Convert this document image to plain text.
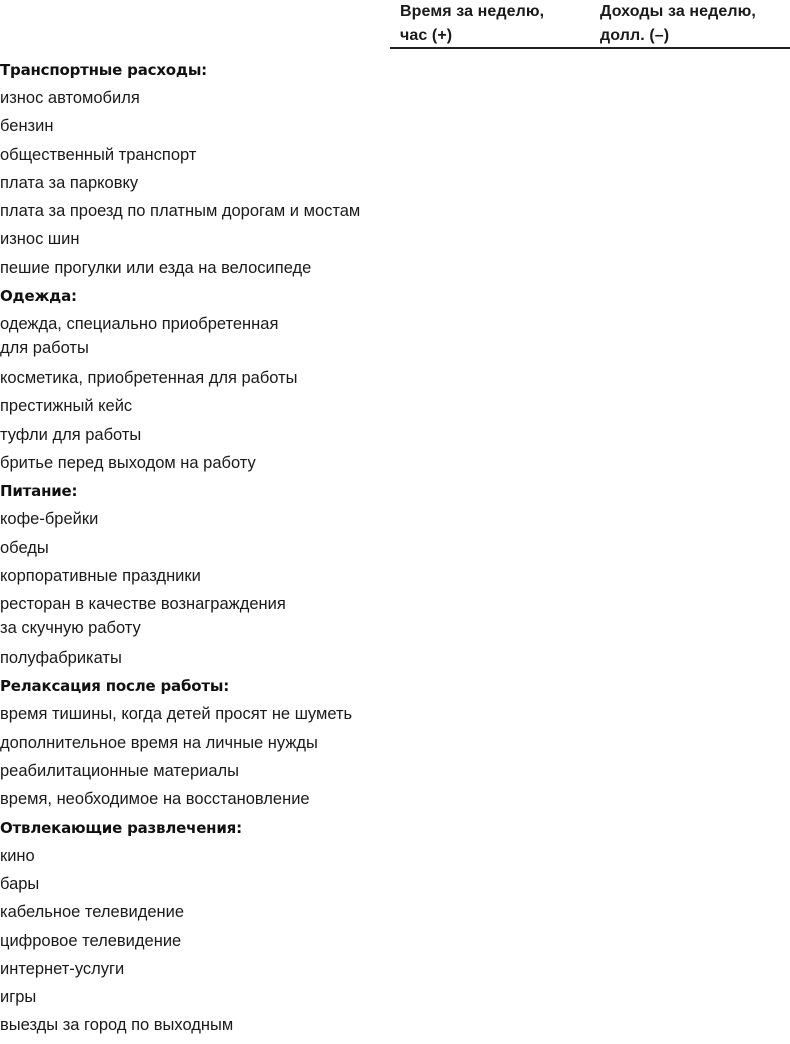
Время за неделю,
час (+)
Доходы за неделю,
долл. (–)
Транспортные расходы:
износ автомобиля
бензин
общественный транспорт
плата за парковку
плата за проезд по платным дорогам и мостам
износ шин
пешие прогулки или езда на велосипеде
Одежда:
одежда, специально приобретенная
для работы
косметика, приобретенная для работы
престижный кейс
туфли для работы
бритье перед выходом на работу
Питание:
кофе-брейки
обеды
корпоративные праздники
ресторан в качестве вознаграждения
за скучную работу
полуфабрикаты
Релаксация после работы:
время тишины, когда детей просят не шуметь
дополнительное время на личные нужды
реабилитационные материалы
время, необходимое на восстановление
Отвлекающие развлечения:
кино
бары
кабельное телевидение
цифровое телевидение
интернет-услуги
игры
выезды за город по выходным
